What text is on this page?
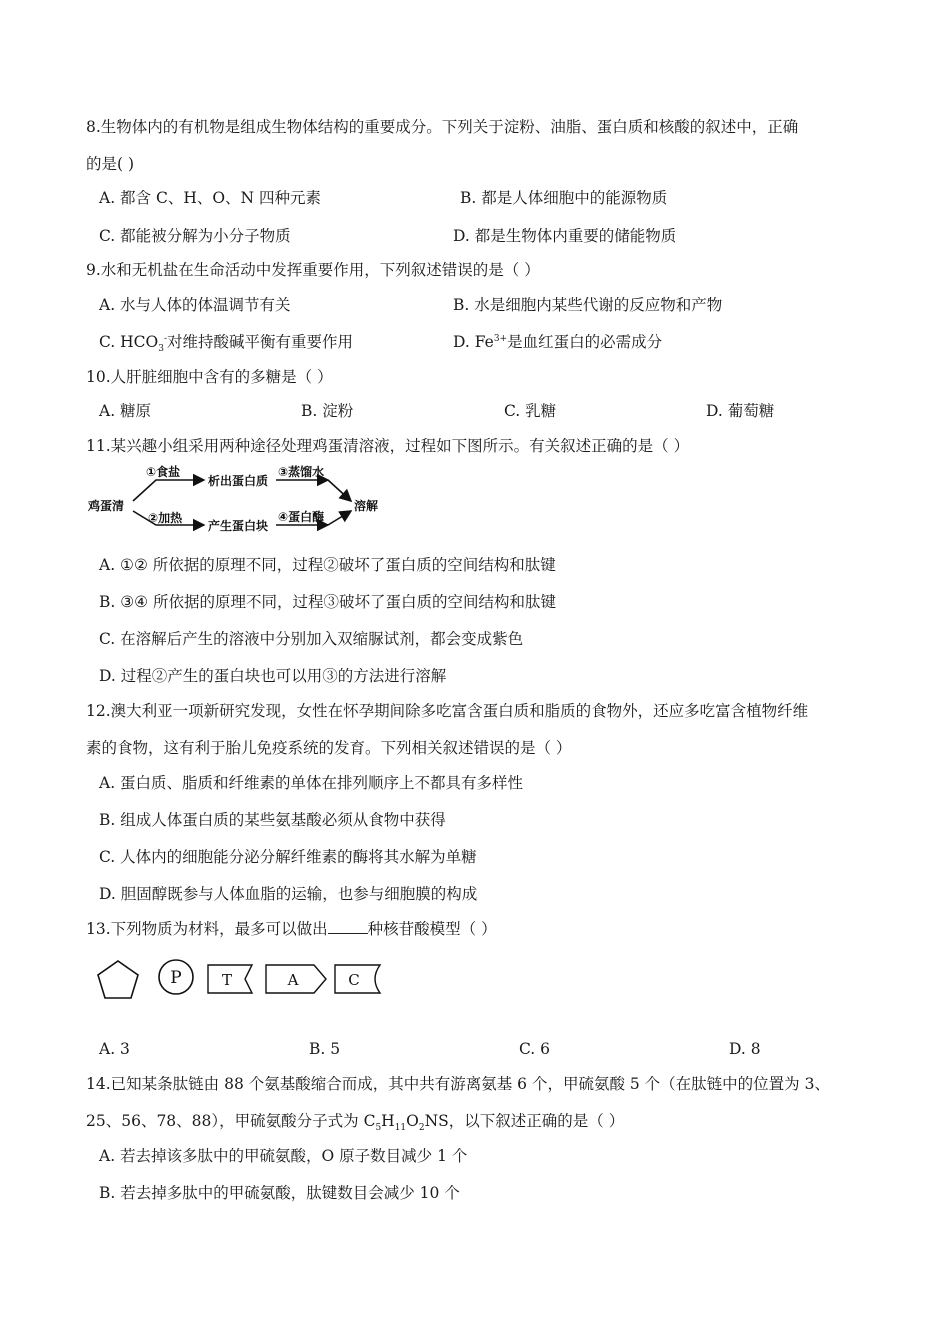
8.生物体内的有机物是组成生物体结构的重要成分。下列关于淀粉、油脂、蛋白质和核酸的叙述中，正确
的是( )
A. 都含 C、H、O、N 四种元素	B. 都是人体细胞中的能源物质
C. 都能被分解为小分子物质	D. 都是生物体内重要的储能物质
9.水和无机盐在生命活动中发挥重要作用，下列叙述错误的是（ ）
A. 水与人体的体温调节有关	B. 水是细胞内某些代谢的反应物和产物
C. $HCO_3^-$对维持酸碱平衡有重要作用	D. $Fe^{3+}$是血红蛋白的必需成分
10.人肝脏细胞中含有的多糖是（ ）
A. 糖原	B. 淀粉	C. 乳糖	D. 葡萄糖
11.某兴趣小组采用两种途径处理鸡蛋清溶液，过程如下图所示。有关叙述正确的是（ ）
鸡蛋清
①食盐
析出蛋白质
③蒸馏水
②加热
产生蛋白块
④蛋白酶
溶解
A. ①② 所依据的原理不同，过程②破坏了蛋白质的空间结构和肽键
B. ③④ 所依据的原理不同，过程③破坏了蛋白质的空间结构和肽键
C. 在溶解后产生的溶液中分别加入双缩脲试剂，都会变成紫色
D. 过程②产生的蛋白块也可以用③的方法进行溶解
12.澳大利亚一项新研究发现，女性在怀孕期间除多吃富含蛋白质和脂质的食物外，还应多吃富含植物纤维
素的食物，这有利于胎儿免疫系统的发育。下列相关叙述错误的是（ ）
A. 蛋白质、脂质和纤维素的单体在排列顺序上不都具有多样性
B. 组成人体蛋白质的某些氨基酸必须从食物中获得
C. 人体内的细胞能分泌分解纤维素的酶将其水解为单糖
D. 胆固醇既参与人体血脂的运输，也参与细胞膜的构成
13.下列物质为材料，最多可以做出	种核苷酸模型（ ）
P	T	A	C
A. 3	B. 5	C. 6	D. 8
14.已知某条肽链由 88 个氨基酸缩合而成，其中共有游离氨基 6 个，甲硫氨酸 5 个（在肽链中的位置为 3、
25、56、78、88），甲硫氨酸分子式为 $C_5H_{11}O_2NS$，以下叙述正确的是（ ）
A. 若去掉该多肽中的甲硫氨酸，O 原子数目减少 1 个
B. 若去掉多肽中的甲硫氨酸，肽键数目会减少 10 个
